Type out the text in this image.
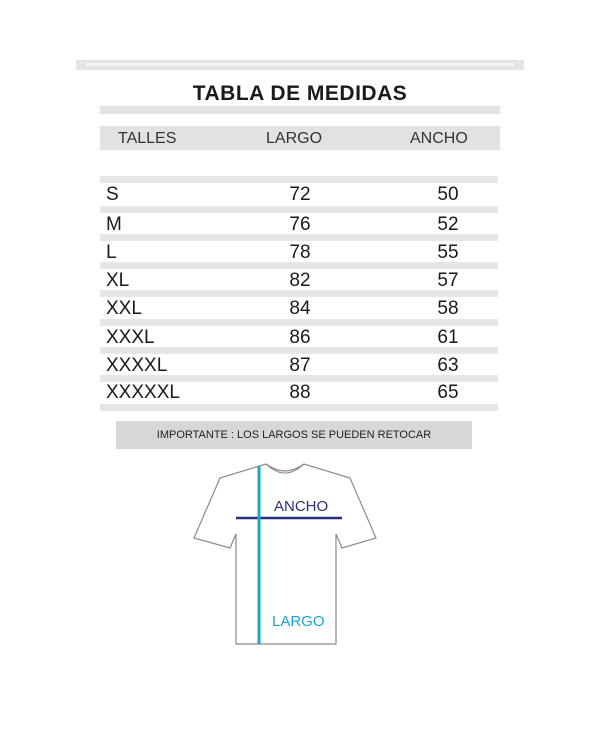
TABLA DE MEDIDAS
TALLES	LARGO	ANCHO
S	72	50
M	76	52
L	78	55
XL	82	57
XXL	84	58
XXXL	86	61
XXXXL	87	63
XXXXXL	88	65
IMPORTANTE : LOS LARGOS SE PUEDEN RETOCAR
ANCHO
LARGO
